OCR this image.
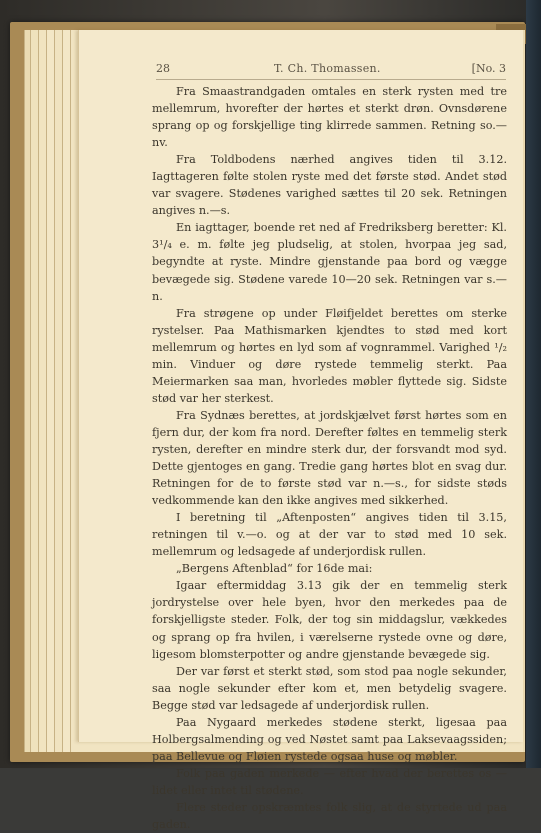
28	T. Ch. Thomassen.	[No. 3

Fra Smaastrandgaden omtales en sterk rysten med tre mellemrum, hvorefter der hørtes et sterkt drøn. Ovnsdørene sprang op og forskjellige ting klirrede sammen. Retning so.—nv.

Fra Toldbodens nærhed angives tiden til 3.12. Iagttageren følte stolen ryste med det første stød. Andet stød var svagere. Stødenes varighed sættes til 20 sek. Retningen angives n.—s.

En iagttager, boende ret ned af Fredriksberg beretter: Kl. 3¹/₄ e. m. følte jeg pludselig, at stolen, hvorpaa jeg sad, begyndte at ryste. Mindre gjenstande paa bord og vægge bevægede sig. Stødene varede 10—20 sek. Retningen var s.—n.

Fra strøgene op under Fløifjeldet berettes om sterke rystelser. Paa Mathismarken kjendtes to stød med kort mellemrum og hørtes en lyd som af vognrammel. Varighed ¹/₂ min. Vinduer og døre rystede temmelig sterkt. Paa Meiermarken saa man, hvorledes møbler flyttede sig. Sidste stød var her sterkest.

Fra Sydnæs berettes, at jordskjælvet først hørtes som en fjern dur, der kom fra nord. Derefter føltes en temmelig sterk rysten, derefter en mindre sterk dur, der forsvandt mod syd. Dette gjentoges en gang. Tredie gang hørtes blot en svag dur. Retningen for de to første stød var n.—s., for sidste støds vedkommende kan den ikke angives med sikkerhed.

I beretning til „Aftenposten“ angives tiden til 3.15, retningen til v.—o. og at der var to stød med 10 sek. mellemrum og ledsagede af underjordisk rullen.

„Bergens Aftenblad“ for 16de mai:

Igaar eftermiddag 3.13 gik der en temmelig sterk jordrystelse over hele byen, hvor den merkedes paa de forskjelligste steder. Folk, der tog sin middagslur, vækkedes og sprang op fra hvilen, i værelserne rystede ovne og døre, ligesom blomsterpotter og andre gjenstande bevægede sig.

Der var først et sterkt stød, som stod paa nogle sekunder, saa nogle sekunder efter kom et, men betydelig svagere. Begge stød var ledsagede af underjordisk rullen.

Paa Nygaard merkedes stødene sterkt, ligesaa paa Holbergsalmending og ved Nøstet samt paa Laksevaagssiden; paa Bellevue og Fløien rystede ogsaa huse og møbler.

Folk paa gaden merkede — efter hvad der berettes os — lidet eller intet til stødene.

Flere steder opskræmtes folk slig, at de styrtede ud paa gaden.
